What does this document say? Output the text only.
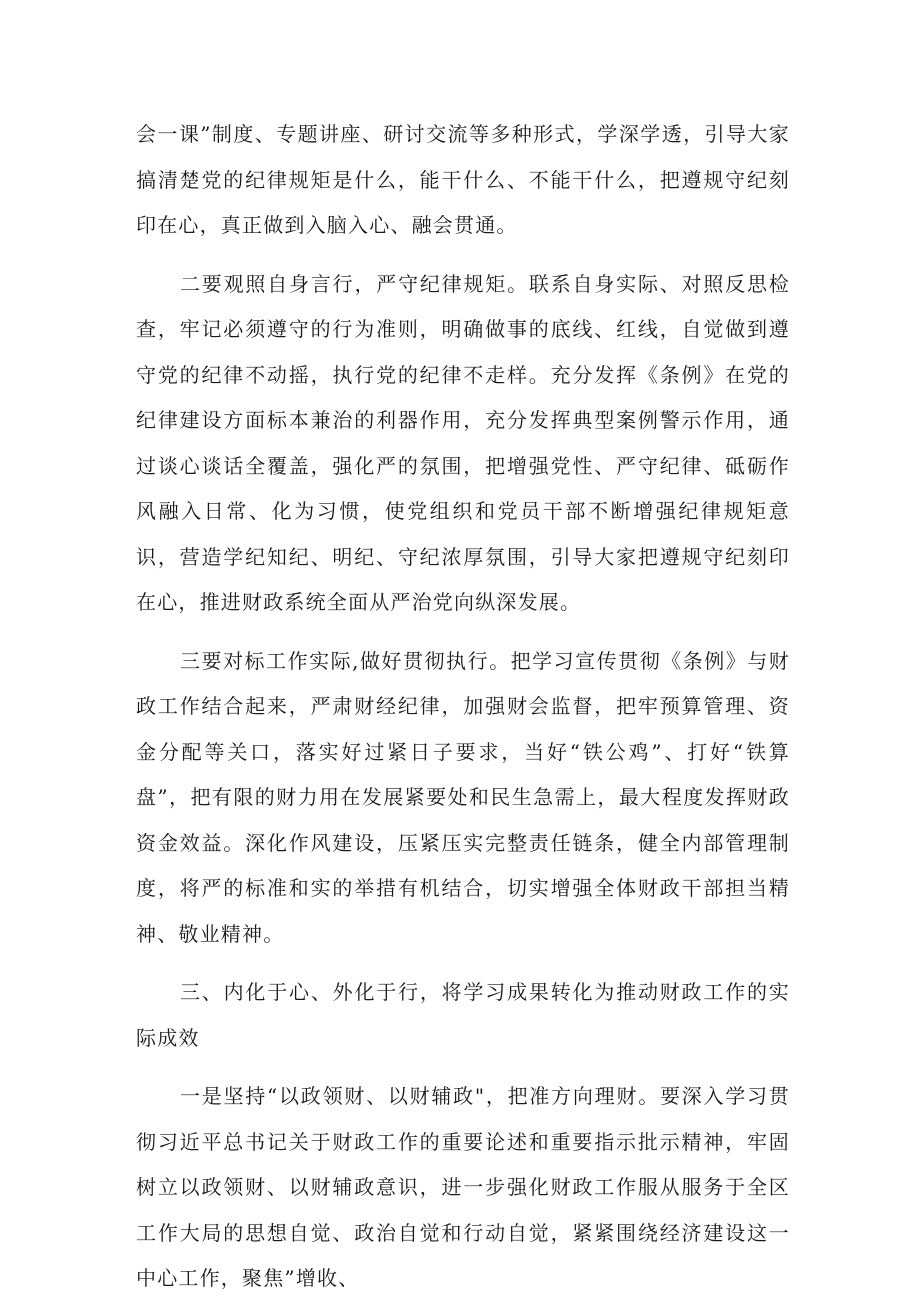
会一课”制度、专题讲座、研讨交流等多种形式，学深学透，引导大家搞清楚党的纪律规矩是什么，能干什么、不能干什么，把遵规守纪刻印在心，真正做到入脑入心、融会贯通。

二要观照自身言行，严守纪律规矩。联系自身实际、对照反思检查，牢记必须遵守的行为准则，明确做事的底线、红线，自觉做到遵守党的纪律不动摇，执行党的纪律不走样。充分发挥《条例》在党的纪律建设方面标本兼治的利器作用，充分发挥典型案例警示作用，通过谈心谈话全覆盖，强化严的氛围，把增强党性、严守纪律、砥砺作风融入日常、化为习惯，使党组织和党员干部不断增强纪律规矩意识，营造学纪知纪、明纪、守纪浓厚氛围，引导大家把遵规守纪刻印在心，推进财政系统全面从严治党向纵深发展。

三要对标工作实际,做好贯彻执行。把学习宣传贯彻《条例》与财政工作结合起来，严肃财经纪律，加强财会监督，把牢预算管理、资金分配等关口，落实好过紧日子要求，当好“铁公鸡”、打好“铁算盘”，把有限的财力用在发展紧要处和民生急需上，最大程度发挥财政资金效益。深化作风建设，压紧压实完整责任链条，健全内部管理制度，将严的标准和实的举措有机结合，切实增强全体财政干部担当精神、敬业精神。

三、内化于心、外化于行，将学习成果转化为推动财政工作的实际成效

一是坚持“以政领财、以财辅政"，把准方向理财。要深入学习贯彻习近平总书记关于财政工作的重要论述和重要指示批示精神，牢固树立以政领财、以财辅政意识，进一步强化财政工作服从服务于全区工作大局的思想自觉、政治自觉和行动自觉，紧紧围绕经济建设这一中心工作，聚焦”增收、
